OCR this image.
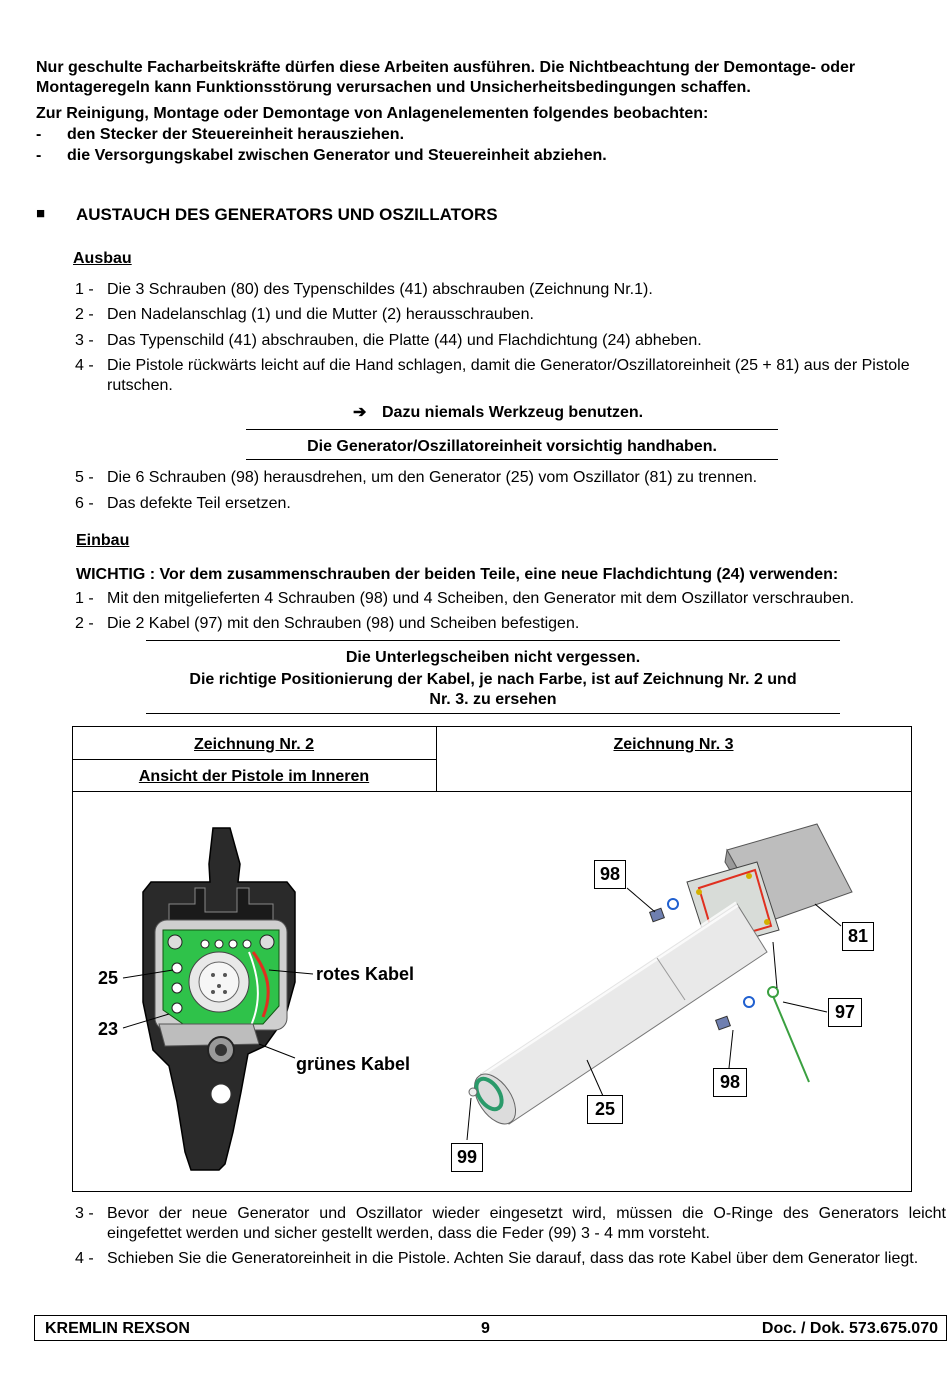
Nur geschulte Facharbeitskräfte dürfen diese Arbeiten ausführen. Die Nichtbeachtung der Demontage- oder
Montageregeln kann Funktionsstörung verursachen und Unsicherheitsbedingungen schaffen.
Zur Reinigung, Montage oder Demontage von Anlagenelementen folgendes beobachten:
- den Stecker der Steuereinheit herausziehen.
- die Versorgungskabel zwischen Generator und Steuereinheit abziehen.
■ AUSTAUCH DES GENERATORS UND OSZILLATORS
Ausbau
1 - Die 3 Schrauben (80) des Typenschildes (41) abschrauben (Zeichnung Nr.1).
2 - Den Nadelanschlag (1) und die Mutter (2) herausschrauben.
3 - Das Typenschild (41) abschrauben, die Platte (44) und Flachdichtung (24) abheben.
4 - Die Pistole rückwärts leicht auf die Hand schlagen, damit die Generator/Oszillatoreinheit (25 + 81) aus der Pistole rutschen.
➔ Dazu niemals Werkzeug benutzen.
Die Generator/Oszillatoreinheit vorsichtig handhaben.
5 - Die 6 Schrauben (98) herausdrehen, um den Generator (25) vom Oszillator (81) zu trennen.
6 - Das defekte Teil ersetzen.
Einbau
WICHTIG : Vor dem zusammenschrauben der beiden Teile, eine neue Flachdichtung (24) verwenden:
1 - Mit den mitgelieferten 4 Schrauben (98) und 4 Scheiben, den Generator mit dem Oszillator verschrauben.
2 - Die 2 Kabel (97) mit den Schrauben (98) und Scheiben befestigen.
Die Unterlegscheiben nicht vergessen.
Die richtige Positionierung der Kabel, je nach Farbe, ist auf Zeichnung Nr. 2 und
Nr. 3. zu ersehen
Zeichnung Nr. 2
Ansicht der Pistole im Inneren
Zeichnung Nr. 3
25
23
rotes Kabel
grünes Kabel
98
81
97
98
25
99
3 - Bevor der neue Generator und Oszillator wieder eingesetzt wird, müssen die O-Ringe des Generators leicht eingefettet werden und sicher gestellt werden, dass die Feder (99) 3 - 4 mm vorsteht.
4 - Schieben Sie die Generatoreinheit in die Pistole. Achten Sie darauf, dass das rote Kabel über dem Generator liegt.
KREMLIN REXSON	9	Doc. / Dok. 573.675.070
